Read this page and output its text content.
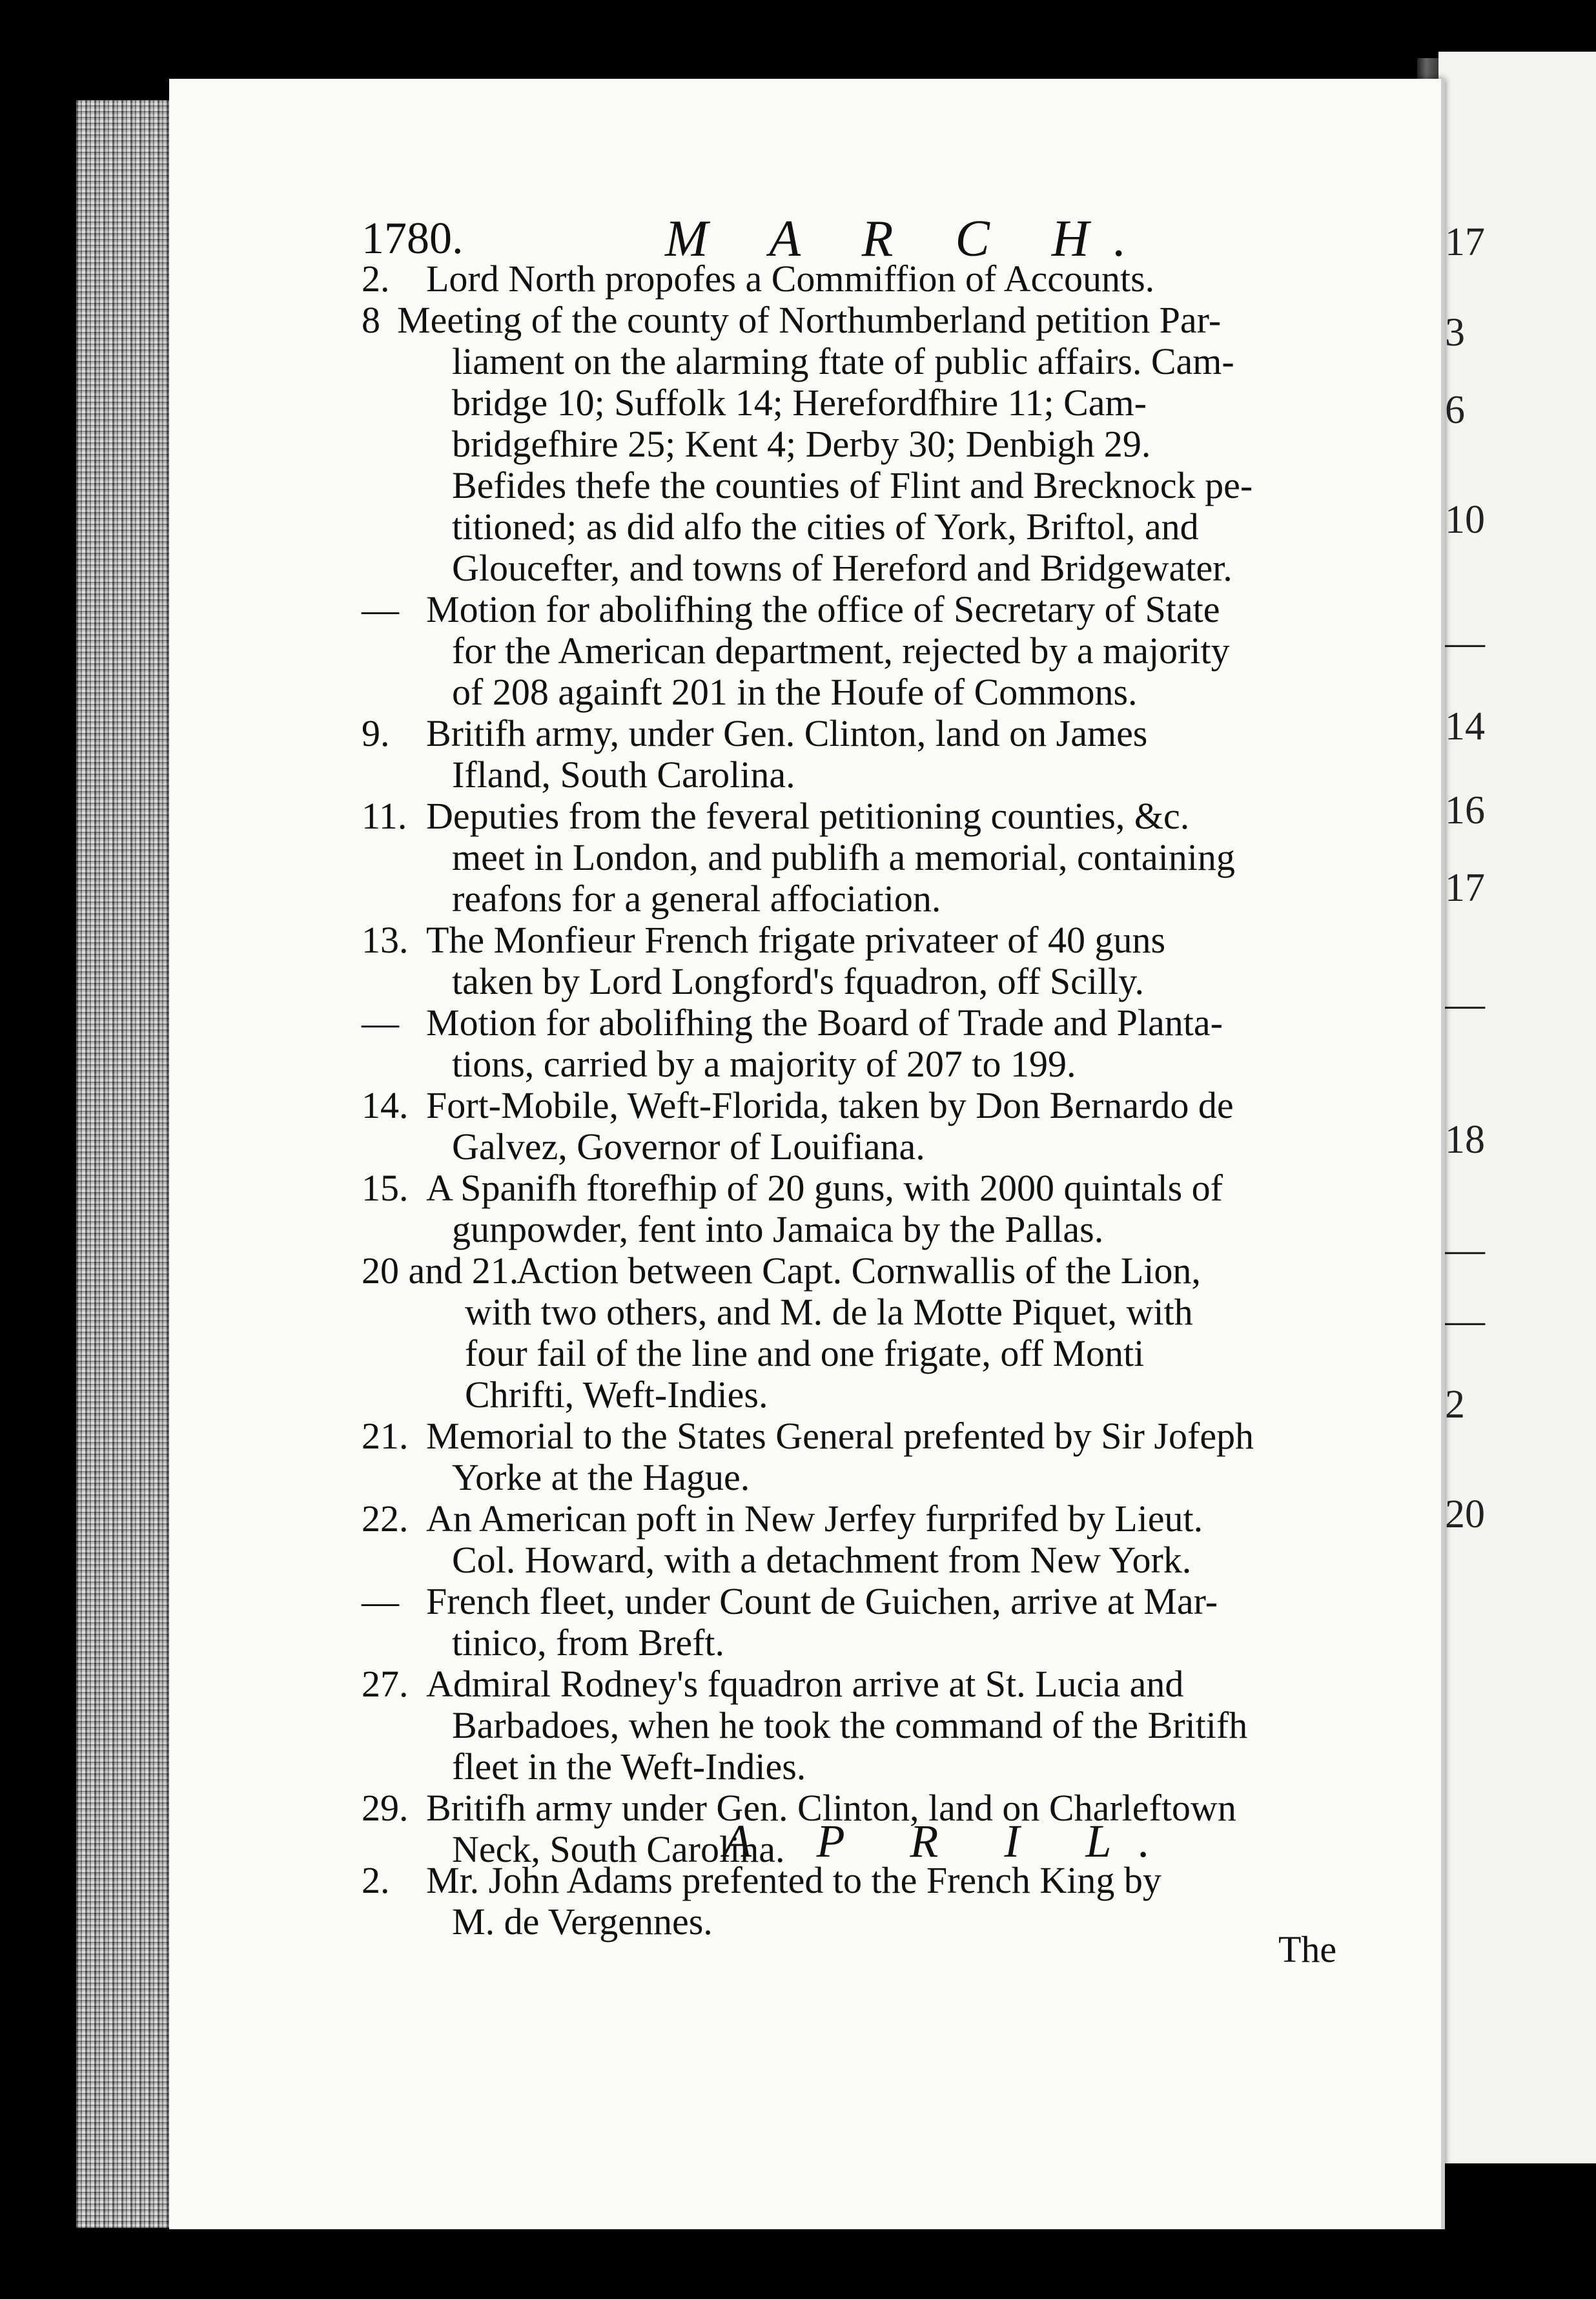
17
3
6
10
—
14
16
17
—
18
—
—
2
20
1780.	M A R C H.
2. Lord North propofes a Commiffion of Accounts.
8 Meeting of the county of Northumberland petition Par-
liament on the alarming ftate of public affairs. Cam-
bridge 10; Suffolk 14; Herefordfhire 11; Cam-
bridgefhire 25; Kent 4; Derby 30; Denbigh 29.
Befides thefe the counties of Flint and Brecknock pe-
titioned; as did alfo the cities of York, Briftol, and
Gloucefter, and towns of Hereford and Bridgewater.
— Motion for abolifhing the office of Secretary of State
for the American department, rejected by a majority
of 208 againft 201 in the Houfe of Commons.
9. Britifh army, under Gen. Clinton, land on James
Ifland, South Carolina.
11. Deputies from the feveral petitioning counties, &c.
meet in London, and publifh a memorial, containing
reafons for a general affociation.
13. The Monfieur French frigate privateer of 40 guns
taken by Lord Longford's fquadron, off Scilly.
— Motion for abolifhing the Board of Trade and Planta-
tions, carried by a majority of 207 to 199.
14. Fort-Mobile, Weft-Florida, taken by Don Bernardo de
Galvez, Governor of Louifiana.
15. A Spanifh ftorefhip of 20 guns, with 2000 quintals of
gunpowder, fent into Jamaica by the Pallas.
20 and 21.
Action between Capt. Cornwallis of the Lion,
with two others, and M. de la Motte Piquet, with
four fail of the line and one frigate, off Monti
Chrifti, Weft-Indies.
21. Memorial to the States General prefented by Sir Jofeph
Yorke at the Hague.
22. An American poft in New Jerfey furprifed by Lieut.
Col. Howard, with a detachment from New York.
— French fleet, under Count de Guichen, arrive at Mar-
tinico, from Breft.
27. Admiral Rodney's fquadron arrive at St. Lucia and
Barbadoes, when he took the command of the Britifh
fleet in the Weft-Indies.
29. Britifh army under Gen. Clinton, land on Charleftown
Neck, South Carolina.
A P R I L.
2. Mr. John Adams prefented to the French King by
M. de Vergennes.
The
